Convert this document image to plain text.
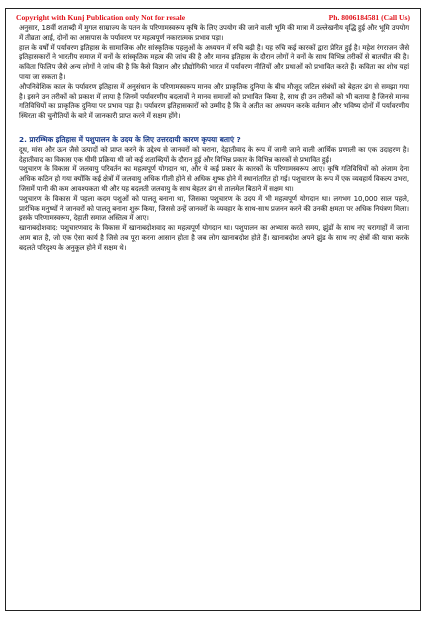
Copyright with Kunj Publication only Not for resale	Ph. 8006184581 (Call Us)

अनुसार, 18वीं शताब्दी में मुगल साम्राज्य के पतन के परिणामस्वरूप कृषि के लिए उपयोग की जाने वाली भूमि की मात्रा में उल्लेखनीय वृद्धि हुई और भूमि उपयोग में तीव्रता आई, दोनों का आसपास के पर्यावरण पर महत्वपूर्ण नकारात्मक प्रभाव पड़ा।

हाल के वर्षों में पर्यावरण इतिहास के सामाजिक और सांस्कृतिक पहलुओं के अध्ययन में रुचि बढ़ी है। यह रुचि कई कारकों द्वारा प्रेरित हुई है। महेश रंगराजन जैसे इतिहासकारों ने भारतीय समाज में वनों के सांस्कृतिक महत्व की जांच की है और मानव इतिहास के दौरान लोगों ने वनों के साथ विभिन्न तरीकों से बातचीत की है। कविता फिलिप जैसे अन्य लोगों ने जांच की है कि कैसे विज्ञान और प्रौद्योगिकी भारत में पर्यावरण नीतियों और प्रथाओं को प्रभावित करते हैं। कविता का शोध यहां पाया जा सकता है।

औपनिवेशिक काल के पर्यावरण इतिहास में अनुसंधान के परिणामस्वरूप मानव और प्राकृतिक दुनिया के बीच मौजूद जटिल संबंधों को बेहतर ढंग से समझा गया है। इसने उन तरीकों को प्रकाश में लाया है जिनमें पर्यावरणीय बदलावों ने मानव समाजों को प्रभावित किया है, साथ ही उन तरीकों को भी बताया है जिनसे मानव गतिविधियों का प्राकृतिक दुनिया पर प्रभाव पड़ा है। पर्यावरण इतिहासकारों को उम्मीद है कि वे अतीत का अध्ययन करके वर्तमान और भविष्य दोनों में पर्यावरणीय स्थिरता की चुनौतियों के बारे में जानकारी प्राप्त करने में सक्षम होंगे।

2. प्रारम्भिक इतिहास में पशुपालन के उदय के लिए उत्तरदायी कारण कृपया बताएं ?

दूध, मांस और ऊन जैसे उत्पादों को प्राप्त करने के उद्देश्य से जानवरों को चराना, देहातीवाद के रूप में जानी जाने वाली आर्थिक प्रणाली का एक उदाहरण है। देहातीवाद का विकास एक धीमी प्रक्रिया थी जो कई शताब्दियों के दौरान हुई और विभिन्न प्रकार के विभिन्न कारकों से प्रभावित हुई।

पशुचारण के विकास में जलवायु परिवर्तन का महत्वपूर्ण योगदान था, और ये कई प्रकार के कारकों के परिणामस्वरूप आए। कृषि गतिविधियों को अंजाम देना अधिक कठिन हो गया क्योंकि कई क्षेत्रों में जलवायु अधिक गीली होने से अधिक शुष्क होने में स्थानांतरित हो गई। पशुचारण के रूप में एक व्यवहार्य विकल्प उभरा, जिसमें पानी की कम आवश्यकता थी और यह बदलती जलवायु के साथ बेहतर ढंग से तालमेल बिठाने में सक्षम था।

पशुचारण के विकास में पहला कदम पशुओं को पालतू बनाना था, जिसका पशुचारण के उदय में भी महत्वपूर्ण योगदान था। लगभग 10,000 साल पहले, प्रारंभिक मनुष्यों ने जानवरों को पालतू बनाना शुरू किया, जिससे उन्हें जानवरों के व्यवहार के साथ-साथ प्रजनन करने की उनकी क्षमता पर अधिक नियंत्रण मिला। इसके परिणामस्वरूप, देहाती समाज अस्तित्व में आए।

खानाबदोशवाद: पशुचारणवाद के विकास में खानाबदोशवाद का महत्वपूर्ण योगदान था। पशुपालन का अभ्यास करते समय, झुंडों के साथ नए चरागाहों में जाना आम बात है, जो एक ऐसा कार्य है जिसे तब पूरा करना आसान होता है जब लोग खानाबदोश होते हैं। खानाबदोश अपने झुंड के साथ नए क्षेत्रों की यात्रा करके बदलते परिदृश्य के अनुकूल होने में सक्षम थे।
